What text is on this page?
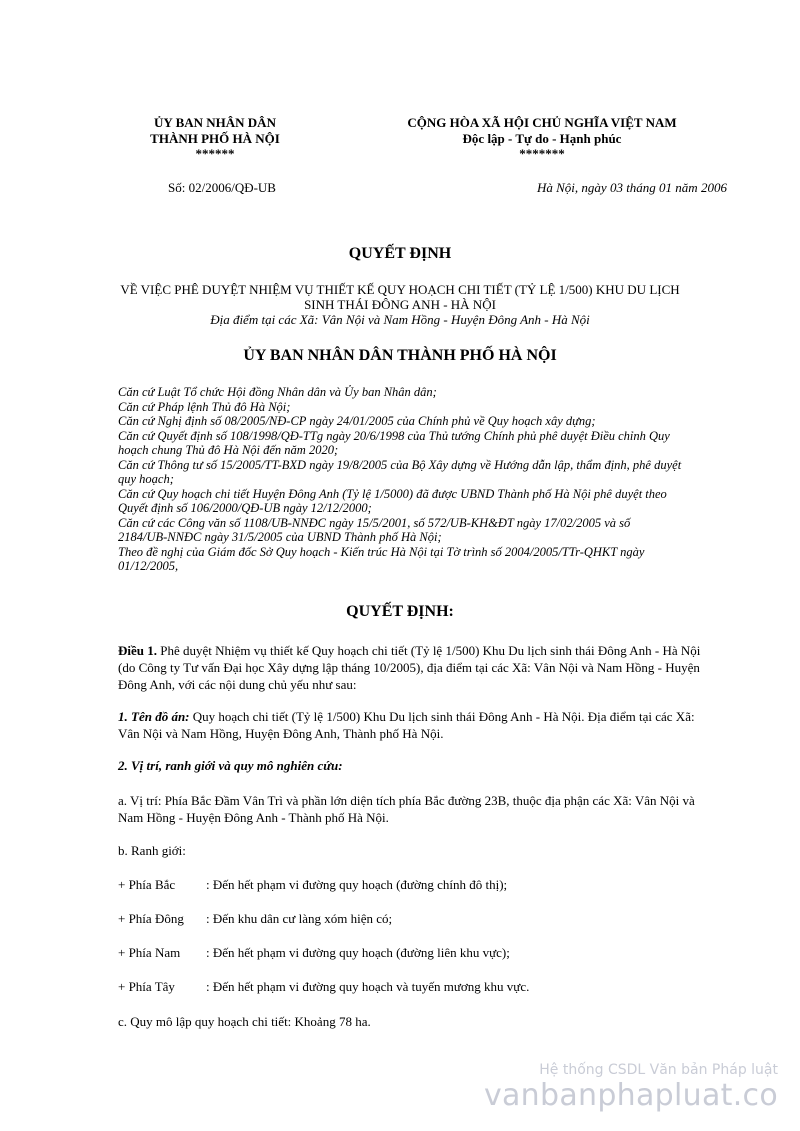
ỦY BAN NHÂN DÂN
THÀNH PHỐ HÀ NỘI
******
Số: 02/2006/QĐ-UB
CỘNG HÒA XÃ HỘI CHỦ NGHĨA VIỆT NAM
Độc lập - Tự do - Hạnh phúc
*******
Hà Nội, ngày 03 tháng 01 năm 2006
QUYẾT ĐỊNH
VỀ VIỆC PHÊ DUYỆT NHIỆM VỤ THIẾT KẾ QUY HOẠCH CHI TIẾT (TỶ LỆ 1/500) KHU DU LỊCH
SINH THÁI ĐÔNG ANH - HÀ NỘI
Địa điểm tại các Xã: Vân Nội và Nam Hồng - Huyện Đông Anh - Hà Nội
ỦY BAN NHÂN DÂN THÀNH PHỐ HÀ NỘI
Căn cứ Luật Tổ chức Hội đồng Nhân dân và Ủy ban Nhân dân;
Căn cứ Pháp lệnh Thủ đô Hà Nội;
Căn cứ Nghị định số 08/2005/NĐ-CP ngày 24/01/2005 của Chính phủ về Quy hoạch xây dựng;
Căn cứ Quyết định số 108/1998/QĐ-TTg ngày 20/6/1998 của Thủ tướng Chính phủ phê duyệt Điều chỉnh Quy
hoạch chung Thủ đô Hà Nội đến năm 2020;
Căn cứ Thông tư số 15/2005/TT-BXD ngày 19/8/2005 của Bộ Xây dựng về Hướng dẫn lập, thẩm định, phê duyệt
quy hoạch;
Căn cứ Quy hoạch chi tiết Huyện Đông Anh (Tỷ lệ 1/5000) đã được UBND Thành phố Hà Nội phê duyệt theo
Quyết định số 106/2000/QĐ-UB ngày 12/12/2000;
Căn cứ các Công văn số 1108/UB-NNĐC ngày 15/5/2001, số 572/UB-KH&ĐT ngày 17/02/2005 và số
2184/UB-NNĐC ngày 31/5/2005 của UBND Thành phố Hà Nội;
Theo đề nghị của Giám đốc Sở Quy hoạch - Kiến trúc Hà Nội tại Tờ trình số 2004/2005/TTr-QHKT ngày
01/12/2005,
QUYẾT ĐỊNH:
Điều 1. Phê duyệt Nhiệm vụ thiết kế Quy hoạch chi tiết (Tỷ lệ 1/500) Khu Du lịch sinh thái Đông Anh - Hà Nội
(do Công ty Tư vấn Đại học Xây dựng lập tháng 10/2005), địa điểm tại các Xã: Vân Nội và Nam Hồng - Huyện
Đông Anh, với các nội dung chủ yếu như sau:
1. Tên đồ án: Quy hoạch chi tiết (Tỷ lệ 1/500) Khu Du lịch sinh thái Đông Anh - Hà Nội. Địa điểm tại các Xã:
Vân Nội và Nam Hồng, Huyện Đông Anh, Thành phố Hà Nội.
2. Vị trí, ranh giới và quy mô nghiên cứu:
a. Vị trí: Phía Bắc Đầm Vân Trì và phần lớn diện tích phía Bắc đường 23B, thuộc địa phận các Xã: Vân Nội và
Nam Hồng - Huyện Đông Anh - Thành phố Hà Nội.
b. Ranh giới:
+ Phía Bắc : Đến hết phạm vi đường quy hoạch (đường chính đô thị);
+ Phía Đông : Đến khu dân cư làng xóm hiện có;
+ Phía Nam : Đến hết phạm vi đường quy hoạch (đường liên khu vực);
+ Phía Tây : Đến hết phạm vi đường quy hoạch và tuyến mương khu vực.
c. Quy mô lập quy hoạch chi tiết: Khoảng 78 ha.
Hệ thống CSDL Văn bản Pháp luật
vanbanphapluat.co
